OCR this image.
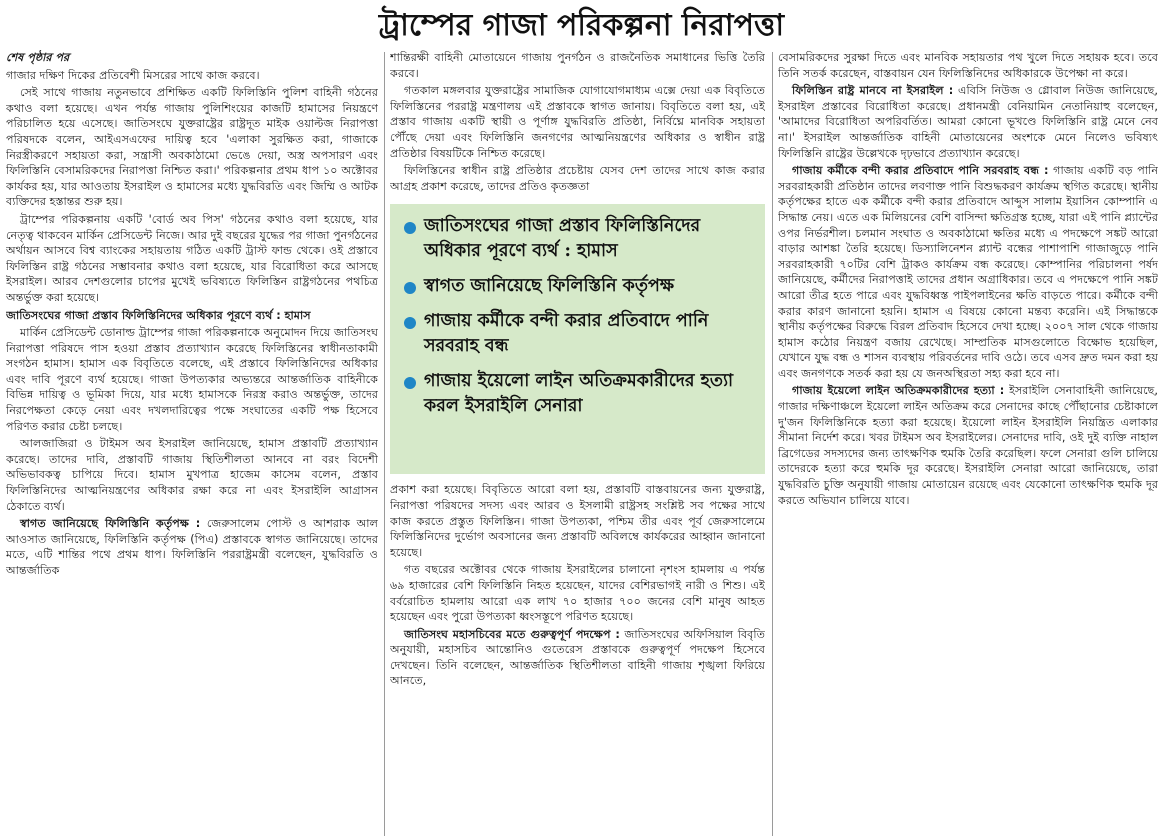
ট্রাম্পের গাজা পরিকল্পনা নিরাপত্তা

শেষ পৃষ্ঠার পর

গাজার দক্ষিণ দিকের প্রতিবেশী মিসরের সাথে কাজ করবে।

সেই সাথে গাজায় নতুনভাবে প্রশিক্ষিত একটি ফিলিস্তিনি পুলিশ বাহিনী গঠনের কথাও বলা হয়েছে। এখন পর্যন্ত গাজায় পুলিশিংয়ের কাজটি হামাসের নিয়ন্ত্রণে পরিচালিত হয়ে এসেছে। জাতিসংঘে যুক্তরাষ্ট্রের রাষ্ট্রদূত মাইক ওয়াল্টজ নিরাপত্তা পরিষদকে বলেন, আইএসএফের দায়িত্ব হবে 'এলাকা সুরক্ষিত করা, গাজাকে নিরস্ত্রীকরণে সহায়তা করা, সন্ত্রাসী অবকাঠামো ভেঙে দেয়া, অস্ত্র অপসারণ এবং ফিলিস্তিনি বেসামরিকদের নিরাপত্তা নিশ্চিত করা।' পরিকল্পনার প্রথম ধাপ ১০ অক্টোবর কার্যকর হয়, যার আওতায় ইসরাইল ও হামাসের মধ্যে যুদ্ধবিরতি এবং জিম্মি ও আটক ব্যক্তিদের হস্তান্তর শুরু হয়।

ট্রাম্পের পরিকল্পনায় একটি 'বোর্ড অব পিস' গঠনের কথাও বলা হয়েছে, যার নেতৃত্ব থাকবেন মার্কিন প্রেসিডেন্ট নিজে। আর দুই বছরের যুদ্ধের পর গাজা পুনর্গঠনের অর্থায়ন আসবে বিশ্ব ব্যাংকের সহায়তায় গঠিত একটি ট্রাস্ট ফান্ড থেকে। ওই প্রস্তাবে ফিলিস্তিন রাষ্ট্র গঠনের সম্ভাবনার কথাও বলা হয়েছে, যার বিরোধিতা করে আসছে ইসরাইল। আরব দেশগুলোর চাপের মুখেই ভবিষ্যতে ফিলিস্তিন রাষ্ট্রগঠনের পথচিত্র অন্তর্ভুক্ত করা হয়েছে।

জাতিসংঘের গাজা প্রস্তাব ফিলিস্তিনিদের অধিকার পূরণে ব্যর্থ : হামাস

মার্কিন প্রেসিডেন্ট ডোনাল্ড ট্রাম্পের গাজা পরিকল্পনাকে অনুমোদন দিয়ে জাতিসংঘ নিরাপত্তা পরিষদে পাস হওয়া প্রস্তাব প্রত্যাখ্যান করেছে ফিলিস্তিনের স্বাধীনতাকামী সংগঠন হামাস। হামাস এক বিবৃতিতে বলেছে, এই প্রস্তাবে ফিলিস্তিনিদের অধিকার এবং দাবি পূরণে ব্যর্থ হয়েছে। গাজা উপত্যকার অভ্যন্তরে আন্তর্জাতিক বাহিনীকে বিভিন্ন দায়িত্ব ও ভূমিকা দিয়ে, যার মধ্যে হামাসকে নিরস্ত্র করাও অন্তর্ভুক্ত, তাদের নিরপেক্ষতা কেড়ে নেয়া এবং দখলদারিত্বের পক্ষে সংঘাতের একটি পক্ষ হিসেবে পরিণত করার চেষ্টা চলছে।

আলজাজিরা ও টাইমস অব ইসরাইল জানিয়েছে, হামাস প্রস্তাবটি প্রত্যাখ্যান করেছে। তাদের দাবি, প্রস্তাবটি গাজায় স্থিতিশীলতা আনবে না বরং বিদেশী অভিভাবকত্ব চাপিয়ে দিবে। হামাস মুখপাত্র হাজেম কাসেম বলেন, প্রস্তাব ফিলিস্তিনিদের আত্মনিয়ন্ত্রণের অধিকার রক্ষা করে না এবং ইসরাইলি আগ্রাসন ঠেকাতে ব্যর্থ।

স্বাগত জানিয়েছে ফিলিস্তিনি কর্তৃপক্ষ : জেরুসালেম পোস্ট ও আশরাক আল আওসাত জানিয়েছে, ফিলিস্তিনি কর্তৃপক্ষ (পিএ) প্রস্তাবকে স্বাগত জানিয়েছে। তাদের মতে, এটি শান্তির পথে প্রথম ধাপ। ফিলিস্তিনি পররাষ্ট্রমন্ত্রী বলেছেন, যুদ্ধবিরতি ও আন্তর্জাতিক

শান্তিরক্ষী বাহিনী মোতায়েনে গাজায় পুনর্গঠন ও রাজনৈতিক সমাধানের ভিত্তি তৈরি করবে।

গতকাল মঙ্গলবার যুক্তরাষ্ট্রের সামাজিক যোগাযোগমাধ্যম এক্সে দেয়া এক বিবৃতিতে ফিলিস্তিনের পররাষ্ট্র মন্ত্রণালয় এই প্রস্তাবকে স্বাগত জানায়। বিবৃতিতে বলা হয়, এই প্রস্তাব গাজায় একটি স্থায়ী ও পূর্ণাঙ্গ যুদ্ধবিরতি প্রতিষ্ঠা, নির্বিঘ্নে মানবিক সহায়তা পৌঁছে দেয়া এবং ফিলিস্তিনি জনগণের আত্মনিয়ন্ত্রণের অধিকার ও স্বাধীন রাষ্ট্র প্রতিষ্ঠার বিষয়টিকে নিশ্চিত করেছে।

ফিলিস্তিনের স্বাধীন রাষ্ট্র প্রতিষ্ঠার প্রচেষ্টায় যেসব দেশ তাদের সাথে কাজ করার আগ্রহ প্রকাশ করেছে, তাদের প্রতিও কৃতজ্ঞতা

জাতিসংঘের গাজা প্রস্তাব ফিলিস্তিনিদের অধিকার পূরণে ব্যর্থ : হামাস
স্বাগত জানিয়েছে ফিলিস্তিনি কর্তৃপক্ষ
গাজায় কর্মীকে বন্দী করার প্রতিবাদে পানি সরবরাহ বন্ধ
গাজায় ইয়েলো লাইন অতিক্রমকারীদের হত্যা করল ইসরাইলি সেনারা

প্রকাশ করা হয়েছে। বিবৃতিতে আরো বলা হয়, প্রস্তাবটি বাস্তবায়নের জন্য যুক্তরাষ্ট্র, নিরাপত্তা পরিষদের সদস্য এবং আরব ও ইসলামী রাষ্ট্রসহ সংশ্লিষ্ট সব পক্ষের সাথে কাজ করতে প্রস্তুত ফিলিস্তিন। গাজা উপত্যকা, পশ্চিম তীর এবং পূর্ব জেরুসালেমে ফিলিস্তিনিদের দুর্ভোগ অবসানের জন্য প্রস্তাবটি অবিলম্বে কার্যকরের আহ্বান জানানো হয়েছে।

গত বছরের অক্টোবর থেকে গাজায় ইসরাইলের চালানো নৃশংস হামলায় এ পর্যন্ত ৬৯ হাজারের বেশি ফিলিস্তিনি নিহত হয়েছেন, যাদের বেশিরভাগই নারী ও শিশু। এই বর্বরোচিত হামলায় আরো এক লাখ ৭০ হাজার ৭০০ জনের বেশি মানুষ আহত হয়েছেন এবং পুরো উপত্যকা ধ্বংসস্তূপে পরিণত হয়েছে।

জাতিসংঘ মহাসচিবের মতে গুরুত্বপূর্ণ পদক্ষেপ : জাতিসংঘের অফিসিয়াল বিবৃতি অনুযায়ী, মহাসচিব আন্তোনিও গুতেরেস প্রস্তাবকে গুরুত্বপূর্ণ পদক্ষেপ হিসেবে দেখছেন। তিনি বলেছেন, আন্তর্জাতিক স্থিতিশীলতা বাহিনী গাজায় শৃঙ্খলা ফিরিয়ে আনতে,

বেসামরিকদের সুরক্ষা দিতে এবং মানবিক সহায়তার পথ খুলে দিতে সহায়ক হবে। তবে তিনি সতর্ক করেছেন, বাস্তবায়ন যেন ফিলিস্তিনিদের অধিকারকে উপেক্ষা না করে।

ফিলিস্তিন রাষ্ট্র মানবে না ইসরাইল : এবিসি নিউজ ও গ্লোবাল নিউজ জানিয়েছে, ইসরাইল প্রস্তাবের বিরোধিতা করেছে। প্রধানমন্ত্রী বেনিয়ামিন নেতানিয়াহু বলেছেন, 'আমাদের বিরোধিতা অপরিবর্তিত। আমরা কোনো ভূখণ্ডে ফিলিস্তিনি রাষ্ট্র মেনে নেব না।' ইসরাইল আন্তর্জাতিক বাহিনী মোতায়েনের অংশকে মেনে নিলেও ভবিষ্যৎ ফিলিস্তিনি রাষ্ট্রের উল্লেখকে দৃঢ়ভাবে প্রত্যাখ্যান করেছে।

গাজায় কর্মীকে বন্দী করার প্রতিবাদে পানি সরবরাহ বন্ধ : গাজায় একটি বড় পানি সরবরাহকারী প্রতিষ্ঠান তাদের লবণাক্ত পানি বিশুদ্ধকরণ কার্যক্রম স্থগিত করেছে। স্থানীয় কর্তৃপক্ষের হাতে এক কর্মীকে বন্দী করার প্রতিবাদে আব্দুস সালাম ইয়াসিন কোম্পানি এ সিদ্ধান্ত নেয়। এতে এক মিলিয়নের বেশি বাসিন্দা ক্ষতিগ্রস্ত হচ্ছে, যারা এই পানি প্ল্যান্টের ওপর নির্ভরশীল। চলমান সংঘাত ও অবকাঠামো ক্ষতির মধ্যে এ পদক্ষেপে সঙ্কট আরো বাড়ার আশঙ্কা তৈরি হয়েছে। ডিস্যালিনেশন প্ল্যান্ট বন্ধের পাশাপাশি গাজাজুড়ে পানি সরবরাহকারী ৭০টির বেশি ট্রাকও কার্যক্রম বন্ধ করেছে। কোম্পানির পরিচালনা পর্ষদ জানিয়েছে, কর্মীদের নিরাপত্তাই তাদের প্রধান অগ্রাধিকার। তবে এ পদক্ষেপে পানি সঙ্কট আরো তীব্র হতে পারে এবং যুদ্ধবিধ্বস্ত পাইপলাইনের ক্ষতি বাড়তে পারে। কর্মীকে বন্দী করার কারণ জানানো হয়নি। হামাস এ বিষয়ে কোনো মন্তব্য করেনি। এই সিদ্ধান্তকে স্থানীয় কর্তৃপক্ষের বিরুদ্ধে বিরল প্রতিবাদ হিসেবে দেখা হচ্ছে। ২০০৭ সাল থেকে গাজায় হামাস কঠোর নিয়ন্ত্রণ বজায় রেখেছে। সাম্প্রতিক মাসগুলোতে বিক্ষোভ হয়েছিল, যেখানে যুদ্ধ বন্ধ ও শাসন ব্যবস্থায় পরিবর্তনের দাবি ওঠে। তবে এসব দ্রুত দমন করা হয় এবং জনগণকে সতর্ক করা হয় যে জনঅস্থিরতা সহ্য করা হবে না।

গাজায় ইয়েলো লাইন অতিক্রমকারীদের হত্যা : ইসরাইলি সেনাবাহিনী জানিয়েছে, গাজার দক্ষিণাঞ্চলে ইয়েলো লাইন অতিক্রম করে সেনাদের কাছে পৌঁছানোর চেষ্টাকালে দু'জন ফিলিস্তিনিকে হত্যা করা হয়েছে। ইয়েলো লাইন ইসরাইলি নিয়ন্ত্রিত এলাকার সীমানা নির্দেশ করে। খবর টাইমস অব ইসরাইলের। সেনাদের দাবি, ওই দুই ব্যক্তি নাহাল ব্রিগেডের সদস্যদের জন্য তাৎক্ষণিক হুমকি তৈরি করেছিল। ফলে সেনারা গুলি চালিয়ে তাদেরকে হত্যা করে হুমকি দূর করেছে। ইসরাইলি সেনারা আরো জানিয়েছে, তারা যুদ্ধবিরতি চুক্তি অনুযায়ী গাজায় মোতায়েন রয়েছে এবং যেকোনো তাৎক্ষণিক হুমকি দূর করতে অভিযান চালিয়ে যাবে।
